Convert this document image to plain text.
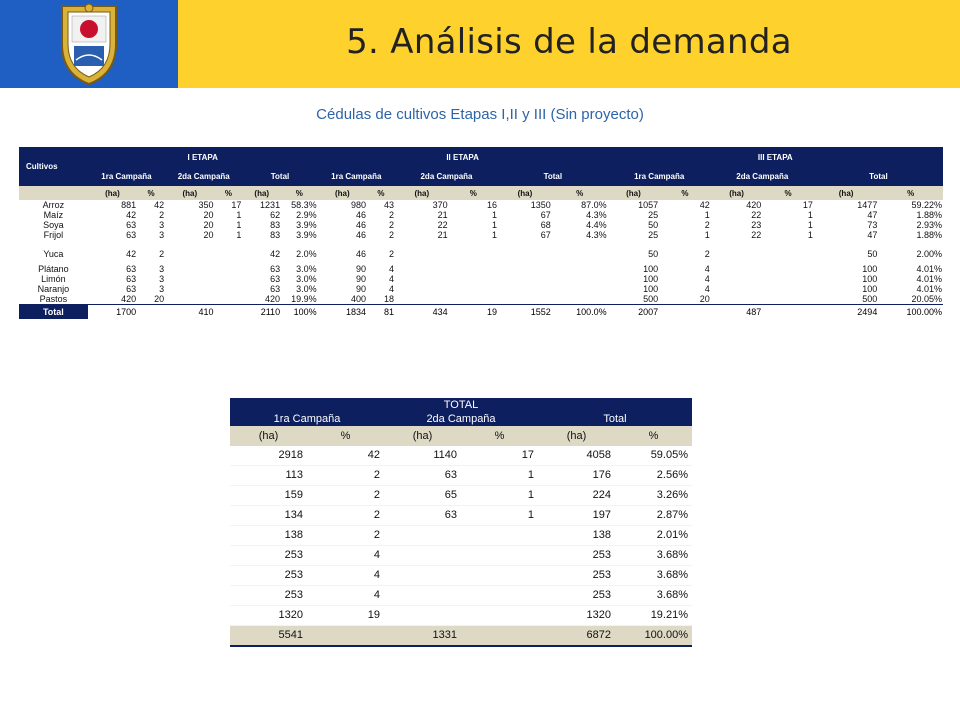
5. Análisis de la demanda
Cédulas de cultivos Etapas I,II y III (Sin proyecto)
Cultivos	I ETAPA						II ETAPA						III ETAPA					
	1ra Campaña		2da Campaña		Total		1ra Campaña		2da Campaña		Total		1ra Campaña		2da Campaña		Total	
	(ha)	%	(ha)	%	(ha)	%	(ha)	%	(ha)	%	(ha)	%	(ha)	%	(ha)	%	(ha)	%
Arroz	881	42	350	17	1231	58.3%	980	43	370	16	1350	87.0%	1057	42	420	17	1477	59.22%
Maíz	42	2	20	1	62	2.9%	46	2	21	1	67	4.3%	25	1	22	1	47	1.88%
Soya	63	3	20	1	83	3.9%	46	2	22	1	68	4.4%	50	2	23	1	73	2.93%
Frijol	63	3	20	1	83	3.9%	46	2	21	1	67	4.3%	25	1	22	1	47	1.88%

Yuca	42	2			42	2.0%	46	2					50	2			50	2.00%
Plátano	63	3			63	3.0%	90	4					100	4			100	4.01%
Limón	63	3			63	3.0%	90	4					100	4			100	4.01%
Naranjo	63	3			63	3.0%	90	4					100	4			100	4.01%
Pastos	420	20			420	19.9%	400	18					500	20			500	20.05%
Total	1700		410		2110	100%	1834	81	434	19	1552	100.0%	2007		487		2494	100.00%
TOTAL					
1ra Campaña		2da Campaña		Total	
(ha)	%	(ha)	%	(ha)	%
2918	42	1140	17	4058	59.05%
113	2	63	1	176	2.56%
159	2	65	1	224	3.26%
134	2	63	1	197	2.87%
138	2			138	2.01%
253	4			253	3.68%
253	4			253	3.68%
253	4			253	3.68%
1320	19			1320	19.21%
5541		1331		6872	100.00%
